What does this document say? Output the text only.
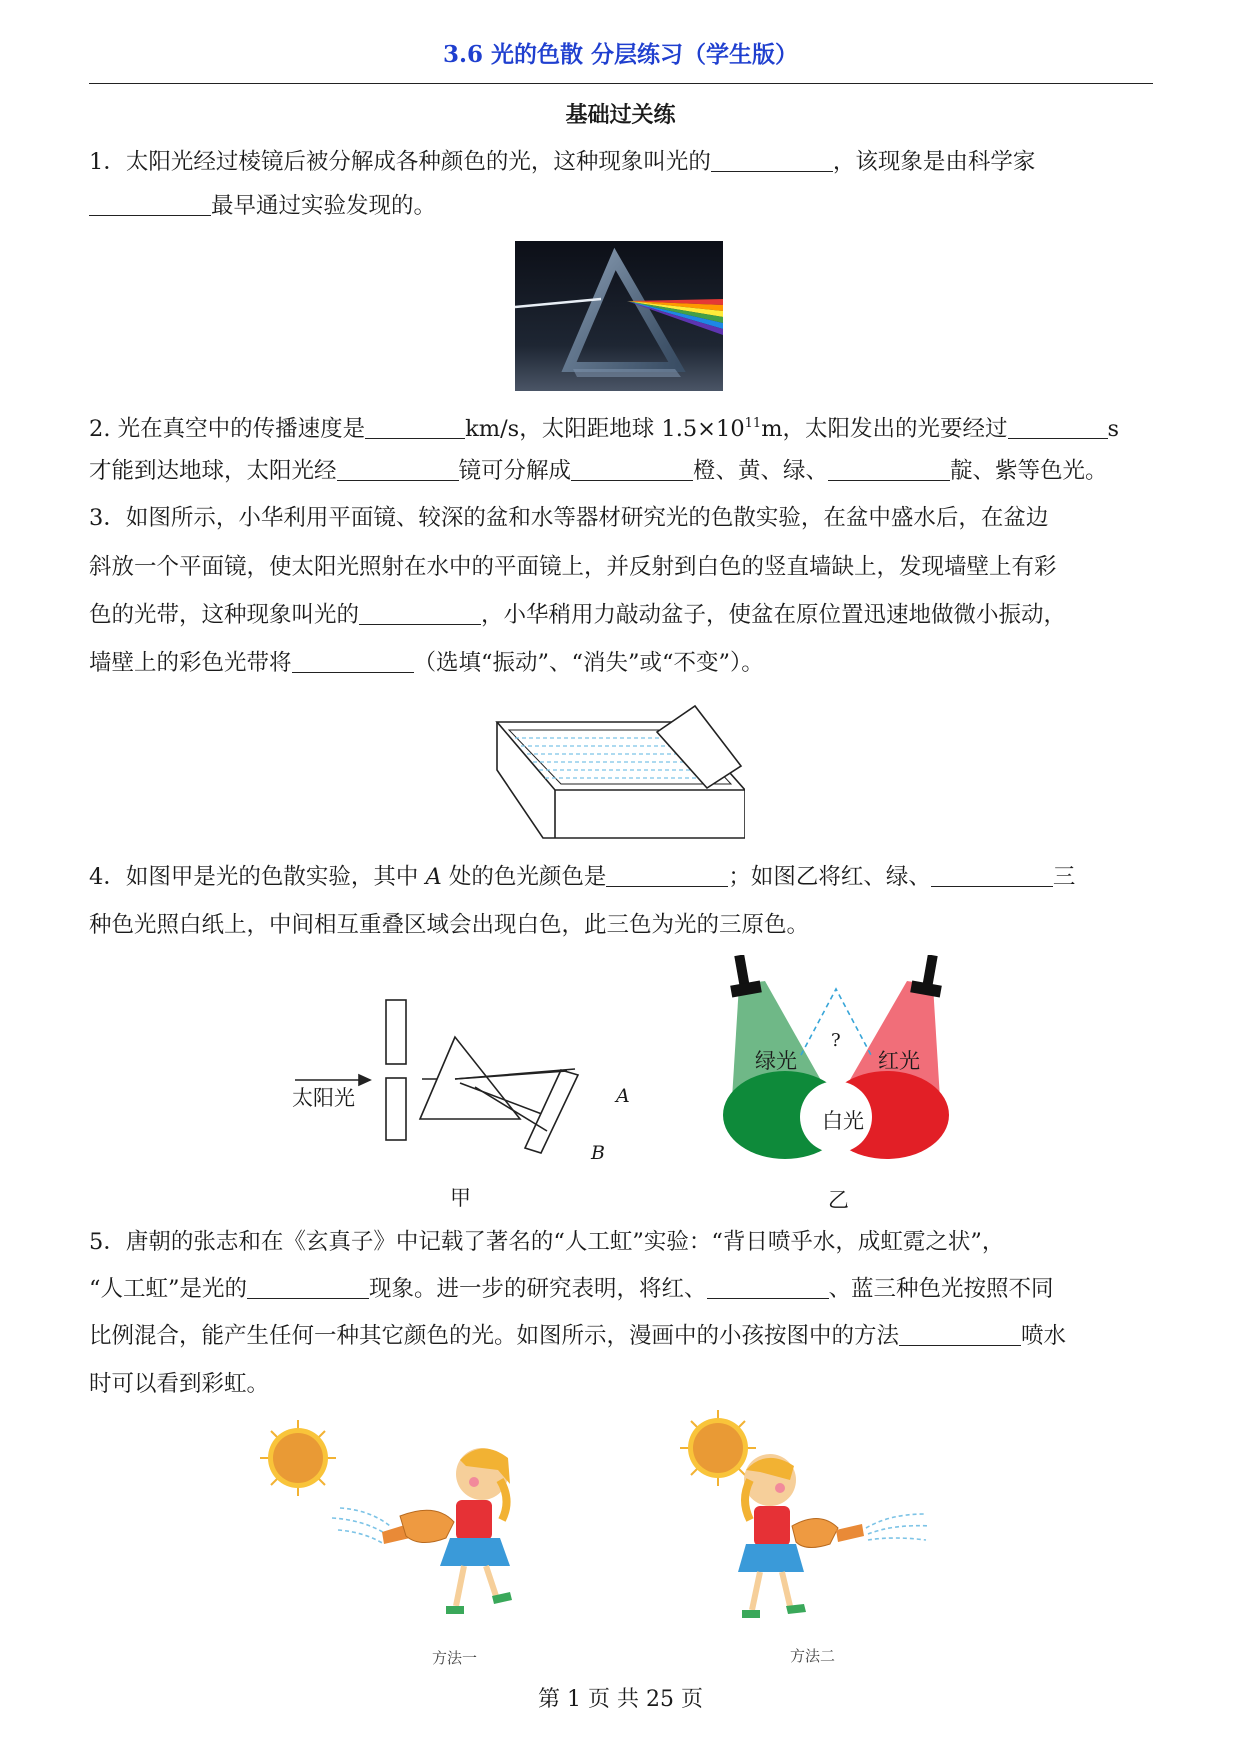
3.6 光的色散 分层练习（学生版）
基础过关练
1．太阳光经过棱镜后被分解成各种颜色的光，这种现象叫光的	，该现象是由科学家
最早通过实验发现的。
2. 光在真空中的传播速度是	km/s，太阳距地球 $1.5\times 10^{11}m$，太阳发出的光要经过	s
才能到达地球，太阳光经	镜可分解成	橙、黄、绿、	靛、紫等色光。
3．如图所示，小华利用平面镜、较深的盆和水等器材研究光的色散实验，在盆中盛水后，在盆边
斜放一个平面镜，使太阳光照射在水中的平面镜上，并反射到白色的竖直墙缺上，发现墙壁上有彩
色的光带，这种现象叫光的	，小华稍用力敲动盆子，使盆在原位置迅速地做微小振动，
墙壁上的彩色光带将	（选填“振动”、“消失”或“不变”）。
4．如图甲是光的色散实验，其中 A 处的色光颜色是	；如图乙将红、绿、	三
种色光照白纸上，中间相互重叠区域会出现白色，此三色为光的三原色。
太阳光	A
B
甲
绿光	红光
白光
?
乙
5．唐朝的张志和在《玄真子》中记载了著名的“人工虹”实验：“背日喷乎水，成虹霓之状”，
“人工虹”是光的	现象。进一步的研究表明，将红、	、蓝三种色光按照不同
比例混合，能产生任何一种其它颜色的光。如图所示，漫画中的小孩按图中的方法	喷水
时可以看到彩虹。
方法一	方法二
第 1 页 共 25 页
